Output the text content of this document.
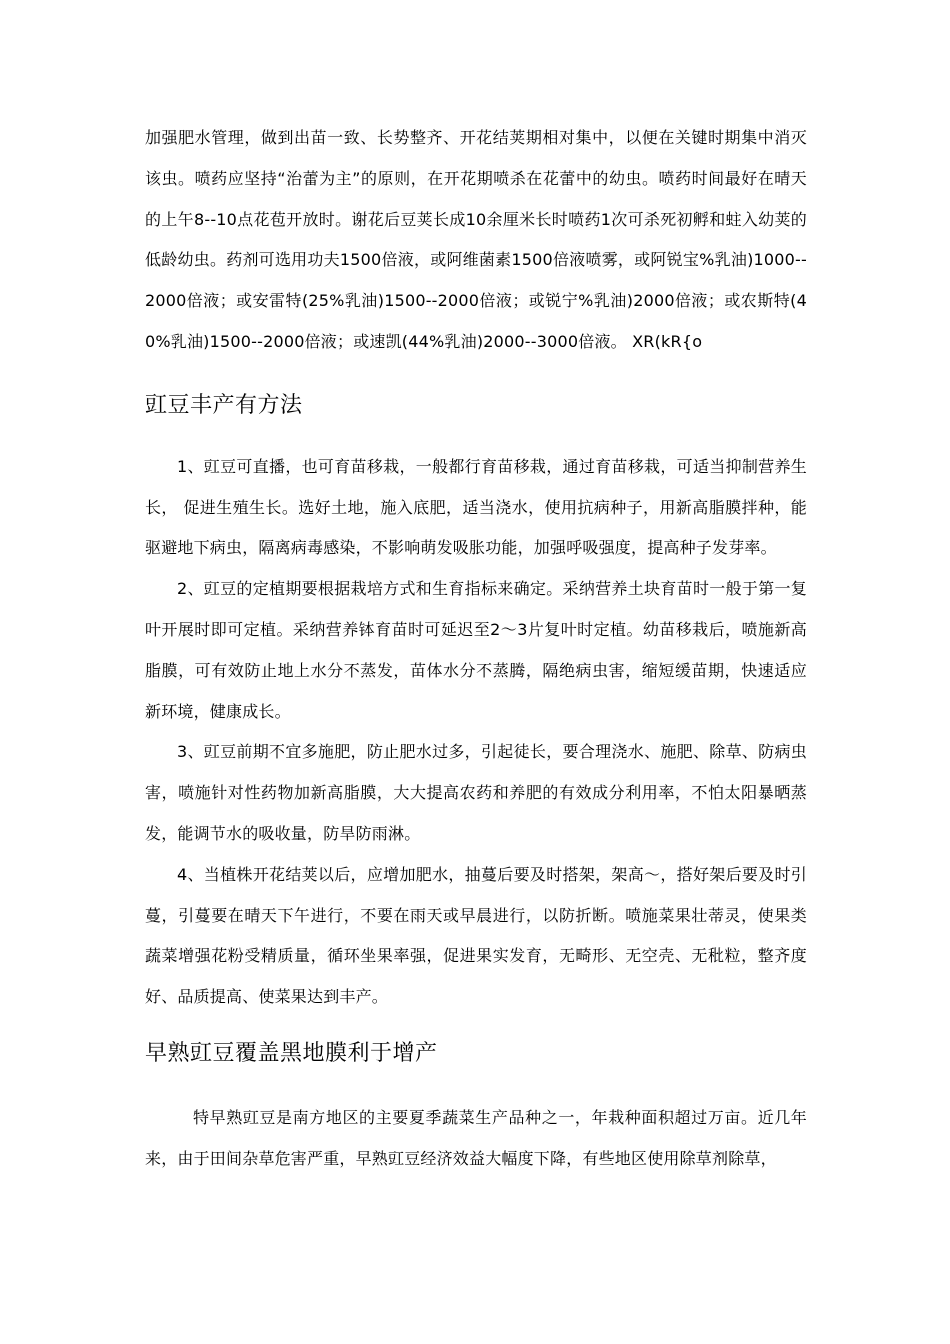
加强肥水管理，做到出苗一致、长势整齐、开花结荚期相对集中，以便在关键时期集中消灭该虫。喷药应坚持“治蕾为主”的原则，在开花期喷杀在花蕾中的幼虫。喷药时间最好在晴天的上午8--10点花苞开放时。谢花后豆荚长成10余厘米长时喷药1次可杀死初孵和蛀入幼荚的低龄幼虫。药剂可选用功夫1500倍液，或阿维菌素1500倍液喷雾，或阿锐宝%乳油)1000--2000倍液；或安雷特(25%乳油)1500--2000倍液；或锐宁%乳油)2000倍液；或农斯特(40%乳油)1500--2000倍液；或速凯(44%乳油)2000--3000倍液。 XR(kR{o

豇豆丰产有方法

1、豇豆可直播，也可育苗移栽，一般都行育苗移栽，通过育苗移栽，可适当抑制营养生长， 促进生殖生长。选好土地，施入底肥，适当浇水，使用抗病种子，用新高脂膜拌种，能驱避地下病虫，隔离病毒感染，不影响萌发吸胀功能，加强呼吸强度，提高种子发芽率。

2、豇豆的定植期要根据栽培方式和生育指标来确定。采纳营养土块育苗时一般于第一复叶开展时即可定植。采纳营养钵育苗时可延迟至2～3片复叶时定植。幼苗移栽后，喷施新高脂膜，可有效防止地上水分不蒸发，苗体水分不蒸腾，隔绝病虫害，缩短缓苗期，快速适应新环境，健康成长。

3、豇豆前期不宜多施肥，防止肥水过多，引起徒长，要合理浇水、施肥、除草、防病虫害，喷施针对性药物加新高脂膜，大大提高农药和养肥的有效成分利用率，不怕太阳暴晒蒸发，能调节水的吸收量，防旱防雨淋。

4、当植株开花结荚以后，应增加肥水，抽蔓后要及时搭架，架高～，搭好架后要及时引蔓，引蔓要在晴天下午进行，不要在雨天或早晨进行，以防折断。喷施菜果壮蒂灵，使果类蔬菜增强花粉受精质量，循环坐果率强，促进果实发育，无畸形、无空壳、无秕粒，整齐度好、品质提高、使菜果达到丰产。

早熟豇豆覆盖黑地膜利于增产

特早熟豇豆是南方地区的主要夏季蔬菜生产品种之一，年栽种面积超过万亩。近几年来，由于田间杂草危害严重，早熟豇豆经济效益大幅度下降，有些地区使用除草剂除草，
